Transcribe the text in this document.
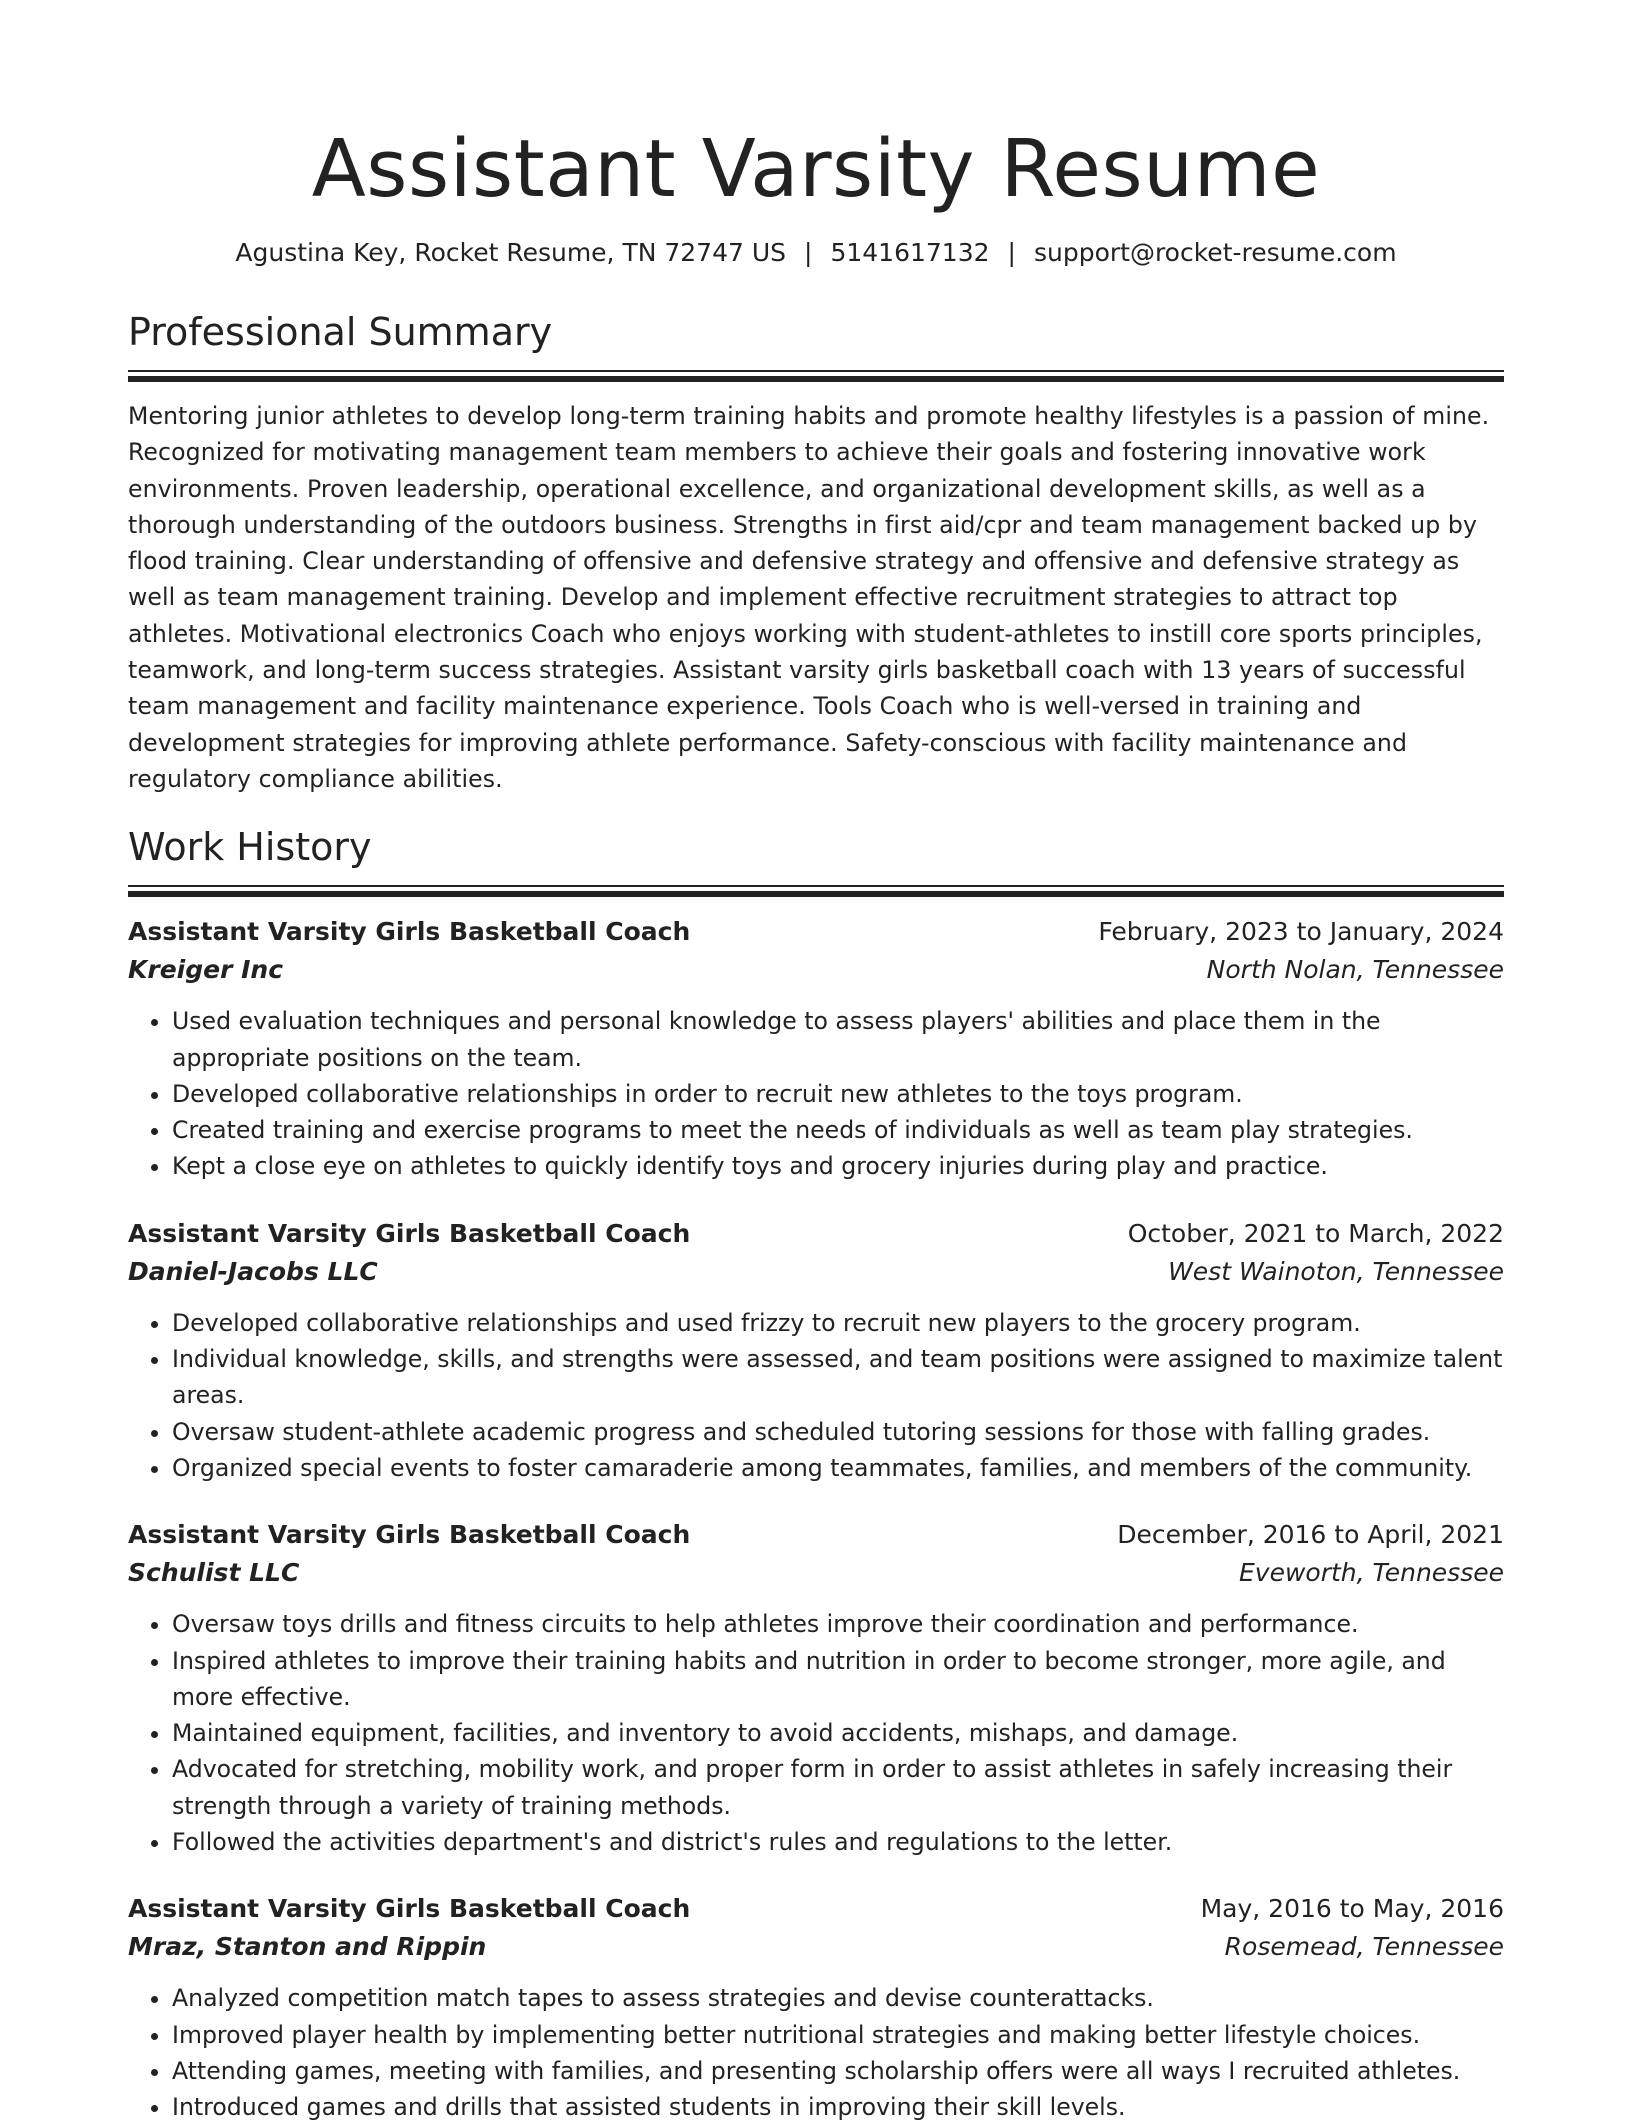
Assistant Varsity Resume
Agustina Key, Rocket Resume, TN 72747 US | 5141617132 | support@rocket-resume.com
Professional Summary

Mentoring junior athletes to develop long-term training habits and promote healthy lifestyles is a passion of mine. Recognized for motivating management team members to achieve their goals and fostering innovative work environments. Proven leadership, operational excellence, and organizational development skills, as well as a thorough understanding of the outdoors business. Strengths in first aid/cpr and team management backed up by flood training. Clear understanding of offensive and defensive strategy and offensive and defensive strategy as well as team management training. Develop and implement effective recruitment strategies to attract top athletes. Motivational electronics Coach who enjoys working with student-athletes to instill core sports principles, teamwork, and long-term success strategies. Assistant varsity girls basketball coach with 13 years of successful team management and facility maintenance experience. Tools Coach who is well-versed in training and development strategies for improving athlete performance. Safety-conscious with facility maintenance and regulatory compliance abilities.

Work History
Assistant Varsity Girls Basketball Coach	February, 2023 to January, 2024
Kreiger Inc	North Nolan, Tennessee
• Used evaluation techniques and personal knowledge to assess players' abilities and place them in the appropriate positions on the team.
• Developed collaborative relationships in order to recruit new athletes to the toys program.
• Created training and exercise programs to meet the needs of individuals as well as team play strategies.
• Kept a close eye on athletes to quickly identify toys and grocery injuries during play and practice.
Assistant Varsity Girls Basketball Coach	October, 2021 to March, 2022
Daniel-Jacobs LLC	West Wainoton, Tennessee
• Developed collaborative relationships and used frizzy to recruit new players to the grocery program.
• Individual knowledge, skills, and strengths were assessed, and team positions were assigned to maximize talent areas.
• Oversaw student-athlete academic progress and scheduled tutoring sessions for those with falling grades.
• Organized special events to foster camaraderie among teammates, families, and members of the community.
Assistant Varsity Girls Basketball Coach	December, 2016 to April, 2021
Schulist LLC	Eveworth, Tennessee
• Oversaw toys drills and fitness circuits to help athletes improve their coordination and performance.
• Inspired athletes to improve their training habits and nutrition in order to become stronger, more agile, and more effective.
• Maintained equipment, facilities, and inventory to avoid accidents, mishaps, and damage.
• Advocated for stretching, mobility work, and proper form in order to assist athletes in safely increasing their strength through a variety of training methods.
• Followed the activities department's and district's rules and regulations to the letter.
Assistant Varsity Girls Basketball Coach	May, 2016 to May, 2016
Mraz, Stanton and Rippin	Rosemead, Tennessee
• Analyzed competition match tapes to assess strategies and devise counterattacks.
• Improved player health by implementing better nutritional strategies and making better lifestyle choices.
• Attending games, meeting with families, and presenting scholarship offers were all ways I recruited athletes.
• Introduced games and drills that assisted students in improving their skill levels.
